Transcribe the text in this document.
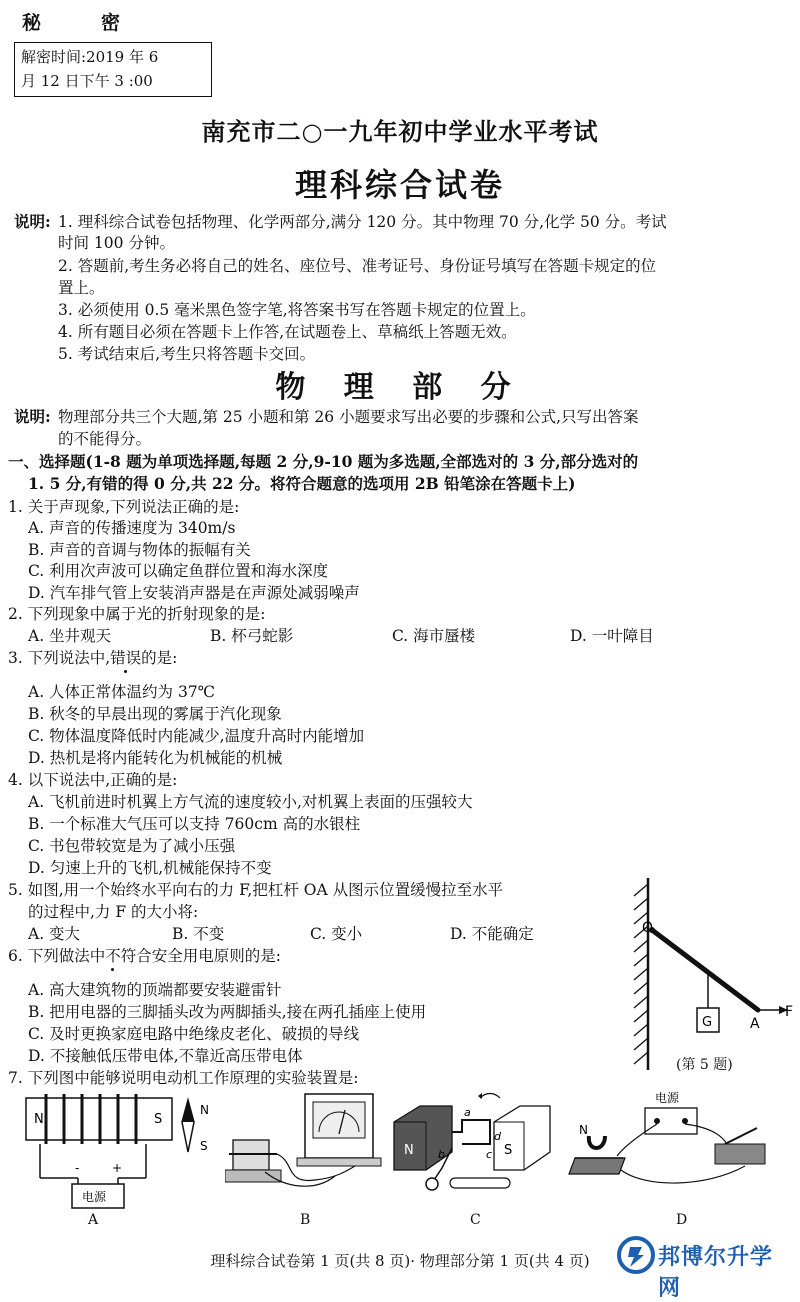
秘	密
解密时间:2019 年 6
月 12 日下午 3 :00
南充市二○一九年初中学业水平考试
理科综合试卷
说明: 1. 理科综合试卷包括物理、化学两部分,满分 120 分。其中物理 70 分,化学 50 分。考试
时间 100 分钟。
2. 答题前,考生务必将自己的姓名、座位号、准考证号、身份证号填写在答题卡规定的位
置上。
3. 必须使用 0.5 毫米黑色签字笔,将答案书写在答题卡规定的位置上。
4. 所有题目必须在答题卡上作答,在试题卷上、草稿纸上答题无效。
5. 考试结束后,考生只将答题卡交回。
物 理 部 分
说明: 物理部分共三个大题,第 25 小题和第 26 小题要求写出必要的步骤和公式,只写出答案
的不能得分。
一、选择题(1-8 题为单项选择题,每题 2 分,9-10 题为多选题,全部选对的 3 分,部分选对的
1. 5 分,有错的得 0 分,共 22 分。将符合题意的选项用 2B 铅笔涂在答题卡上)
1. 关于声现象,下列说法正确的是:
A. 声音的传播速度为 340m/s
B. 声音的音调与物体的振幅有关
C. 利用次声波可以确定鱼群位置和海水深度
D. 汽车排气管上安装消声器是在声源处减弱噪声
2. 下列现象中属于光的折射现象的是:
A. 坐井观天	B. 杯弓蛇影	C. 海市蜃楼	D. 一叶障目
3. 下列说法中,错误的是:
A. 人体正常体温约为 37℃
B. 秋冬的早晨出现的雾属于汽化现象
C. 物体温度降低时内能减少,温度升高时内能增加
D. 热机是将内能转化为机械能的机械
4. 以下说法中,正确的是:
A. 飞机前进时机翼上方气流的速度较小,对机翼上表面的压强较大
B. 一个标准大气压可以支持 760cm 高的水银柱
C. 书包带较宽是为了减小压强
D. 匀速上升的飞机,机械能保持不变
5. 如图,用一个始终水平向右的力 F,把杠杆 OA 从图示位置缓慢拉至水平
的过程中,力 F 的大小将:
A. 变大	B. 不变	C. 变小	D. 不能确定
6. 下列做法中不符合安全用电原则的是:
A. 高大建筑物的顶端都要安装避雷针
B. 把用电器的三脚插头改为两脚插头,接在两孔插座上使用
C. 及时更换家庭电路中绝缘皮老化、破损的导线
D. 不接触低压带电体,不靠近高压带电体
7. 下列图中能够说明电动机工作原理的实验装置是:
O
G	A
F
(第 5 题)
电源
-	+
N	S
N
S	N	S
a
b	c
d
电源
N
A	B	C	D
理科综合试卷第 1 页(共 8 页)· 物理部分第 1 页(共 4 页)	邦博尔升学网
